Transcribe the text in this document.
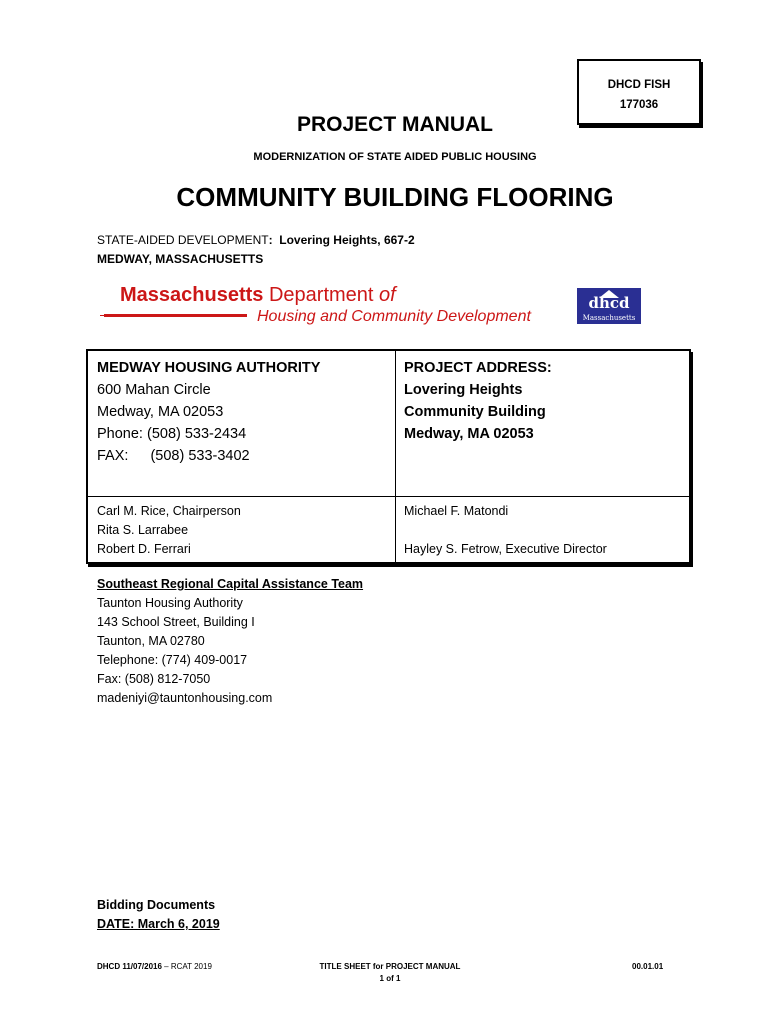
DHCD FISH
177036
PROJECT MANUAL
MODERNIZATION OF STATE AIDED PUBLIC HOUSING
COMMUNITY BUILDING FLOORING
STATE-AIDED DEVELOPMENT: Lovering Heights, 667-2
MEDWAY, MASSACHUSETTS
Massachusetts Department of
Housing and Community Development
dhcd
Massachusetts
MEDWAY HOUSING AUTHORITY
600 Mahan Circle
Medway, MA 02053
Phone: (508) 533-2434
FAX: (508) 533-3402
PROJECT ADDRESS:
Lovering Heights
Community Building
Medway, MA 02053
Carl M. Rice, Chairperson
Rita S. Larrabee
Robert D. Ferrari
Michael F. Matondi
Hayley S. Fetrow, Executive Director
Southeast Regional Capital Assistance Team
Taunton Housing Authority
143 School Street, Building I
Taunton, MA 02780
Telephone: (774) 409-0017
Fax: (508) 812-7050
madeniyi@tauntonhousing.com
Bidding Documents
DATE: March 6, 2019
DHCD 11/07/2016 – RCAT 2019	TITLE SHEET for PROJECT MANUAL
1 of 1
00.01.01
